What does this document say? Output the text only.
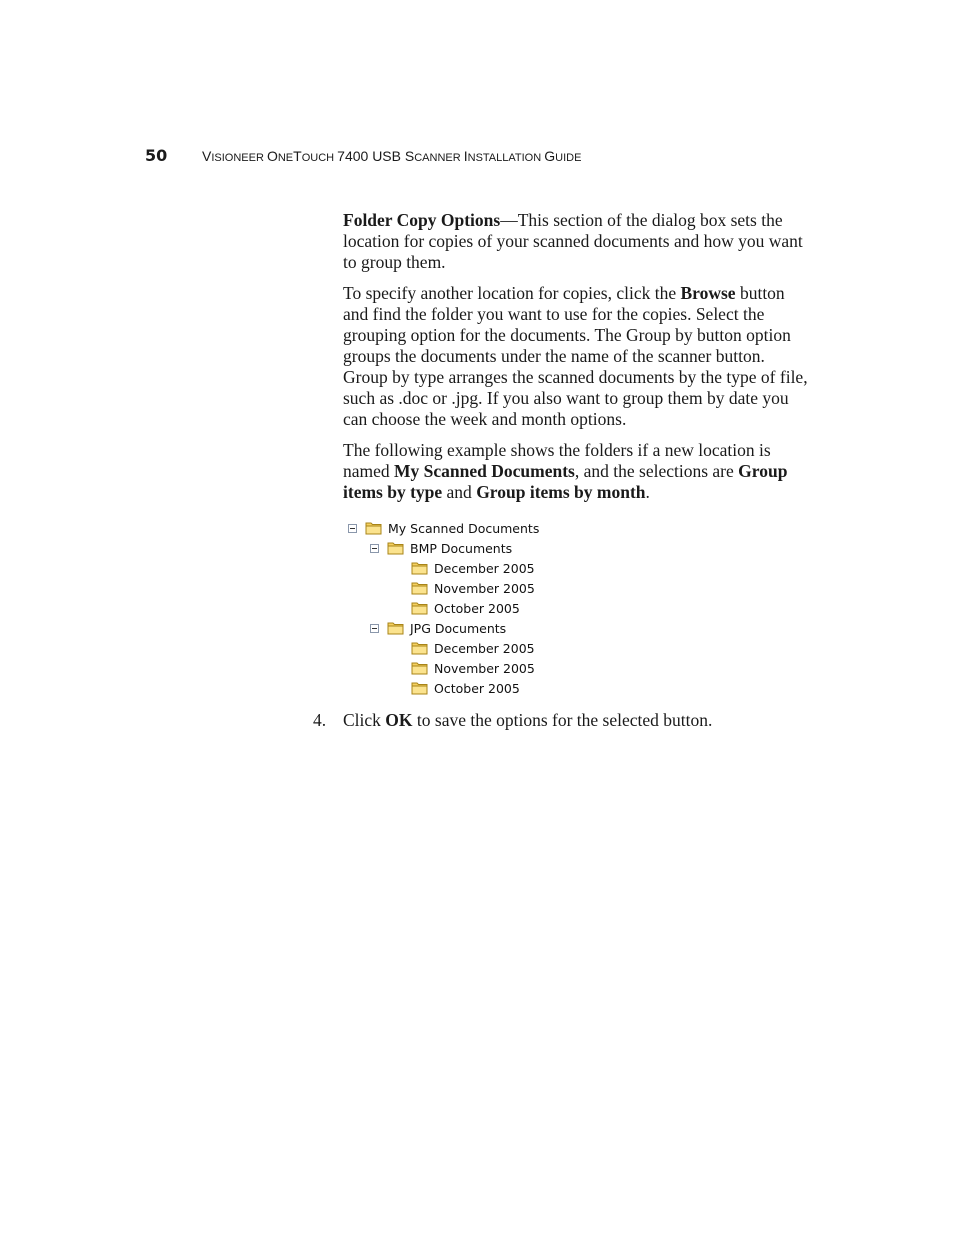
50	VISIONEER ONETOUCH 7400 USB SCANNER INSTALLATION GUIDE

Folder Copy Options—This section of the dialog box sets the location for copies of your scanned documents and how you want to group them.

To specify another location for copies, click the Browse button and find the folder you want to use for the copies. Select the grouping option for the documents. The Group by button option groups the documents under the name of the scanner button. Group by type arranges the scanned documents by the type of file, such as .doc or .jpg. If you also want to group them by date you can choose the week and month options.

The following example shows the folders if a new location is named My Scanned Documents, and the selections are Group items by type and Group items by month.

My Scanned Documents
BMP Documents
December 2005
November 2005
October 2005
JPG Documents
December 2005
November 2005
October 2005
4. Click OK to save the options for the selected button.
